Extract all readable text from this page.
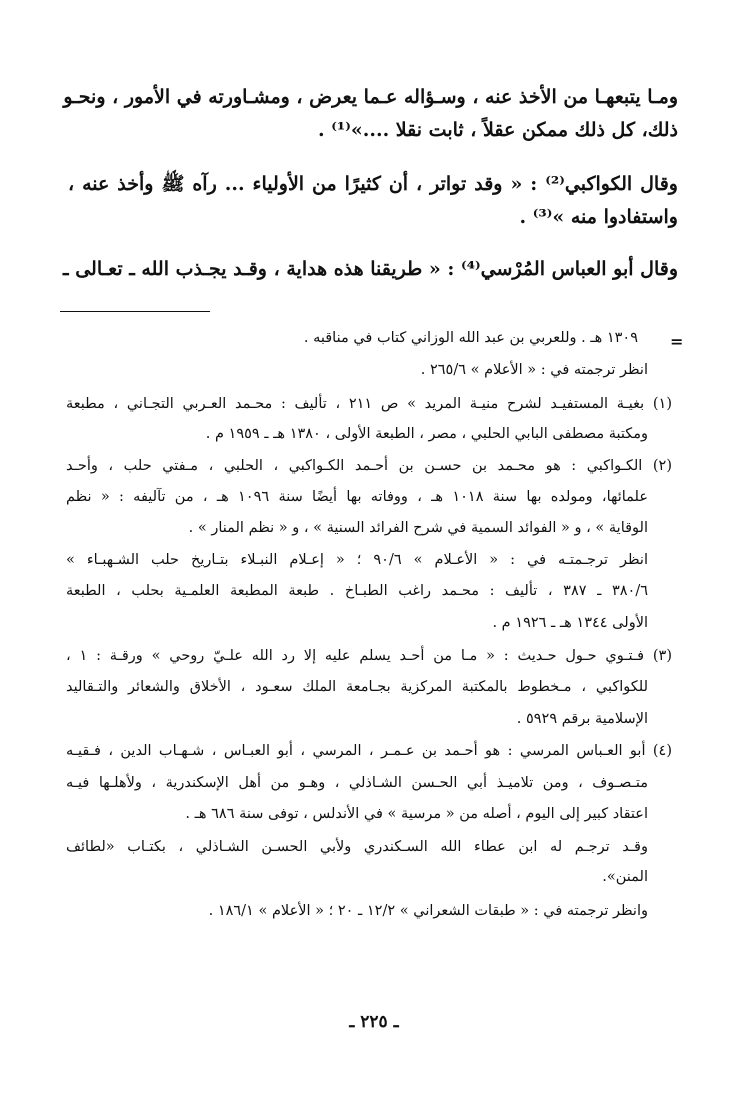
ومـا يتبعهـا من الأخذ عنه ، وسـؤاله عـما يعرض ، ومشـاورته في الأمور ، ونحـو
ذلك، كل ذلك ممكن عقلاً ، ثابت نقلا ....»⁽¹⁾ .
وقال الكواكبي⁽²⁾ : « وقد تواتر ، أن كثيرًا من الأولياء ... رآه ﷺ وأخذ عنه ،
واستفادوا منه »⁽³⁾ .
وقال أبو العباس المُرْسي⁽⁴⁾ : « طريقنا هذه هداية ، وقـد يجـذب الله ـ تعـالى ـ
=
١٣٠٩ هـ . وللعربي بن عبد الله الوزاني كتاب في مناقبه .
انظر ترجمته في : « الأعلام » ٢٦٥/٦ .
(١) بغيـة المستفيـد لشرح منيـة المريد » ص ٢١١ ، تأليف : محـمد العـربي التجـاني ، مطبعة
ومكتبة مصطفى البابي الحلبي ، مصر ، الطبعة الأولى ، ١٣٨٠ هـ ـ ١٩٥٩ م .
(٢) الكـواكبي : هو محـمد بن حسـن بن أحـمد الكـواكبي ، الحلبي ، مـفتي حلب ، وأحـد
علمائها، ومولده بها سنة ١٠١٨ هـ ، ووفاته بها أيضًا سنة ١٠٩٦ هـ ، من تآليفه : « نظم
الوقاية » ، و « الفوائد السمية في شرح الفرائد السنية » ، و « نظم المنار » .
انظر ترجـمتـه في : « الأعـلام » ٩٠/٦ ؛ « إعـلام النبـلاء بتـاريخ حلب الشـهبـاء »
٣٨٠/٦ ـ ٣٨٧ ، تأليف : محـمد راغب الطبـاخ . طبعة المطبعة العلمـية بحلب ، الطبعة
الأولى ١٣٤٤ هـ ـ ١٩٢٦ م .
(٣) فـتـوي حـول حـديث : « مـا من أحـد يسلم عليه إلا رد الله علـيّ روحي » ورقـة : ١ ،
للكواكبي ، مـخطوط بالمكتبة المركزية بجـامعة الملك سعـود ، الأخلاق والشعائر والتـقاليد
الإسلامية برقم ٥٩٢٩ .
(٤) أبو العـباس المرسي : هو أحـمد بن عـمـر ، المرسي ، أبو العبـاس ، شـهـاب الدين ، فـقيـه
متـصـوف ، ومن تلاميـذ أبي الحـسن الشـاذلي ، وهـو من أهل الإسكندرية ، ولأهلـها فيـه
اعتقاد كبير إلى اليوم ، أصله من « مرسية » في الأندلس ، توفى سنة ٦٨٦ هـ .
وقـد ترجـم له ابن عطاء الله السـكندري ولأبي الحسـن الشـاذلي ، بكتـاب «لطائف
المنن».
وانظر ترجمته في : « طبقات الشعراني » ١٢/٢ ـ ٢٠ ؛ « الأعلام » ١٨٦/١ .
ـ ٢٢٥ ـ
